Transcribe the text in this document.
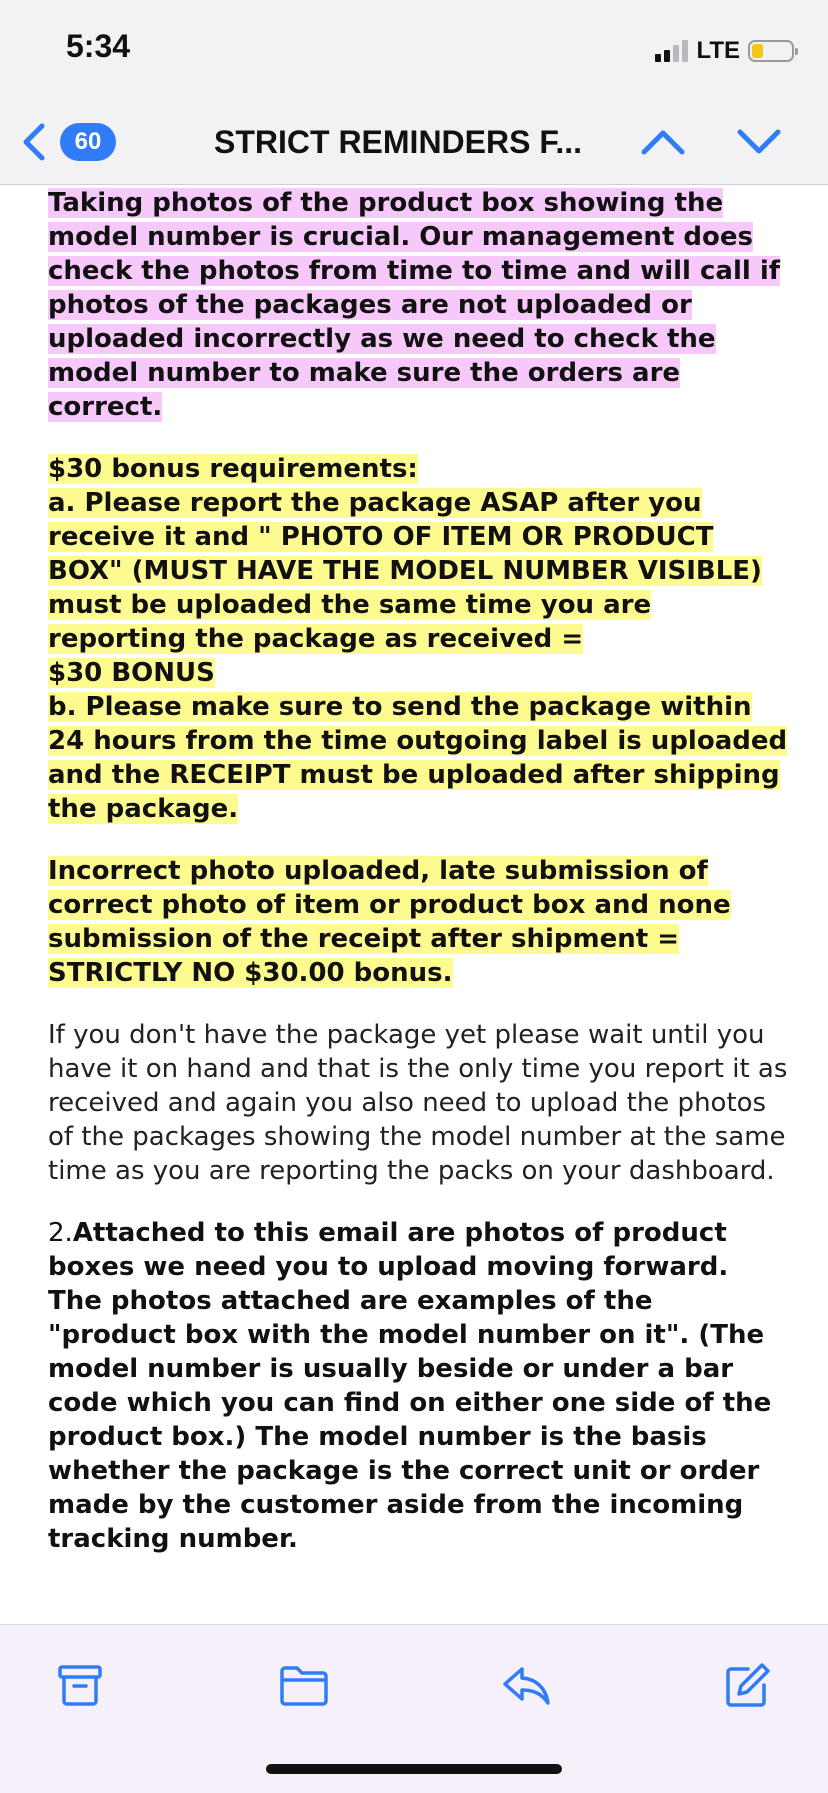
5:34	LTE
60	STRICT REMINDERS F...

Taking photos of the product box showing the model number is crucial. Our management does check the photos from time to time and will call if photos of the packages are not uploaded or uploaded incorrectly as we need to check the model number to make sure the orders are correct.

$30 bonus requirements:
a. Please report the package ASAP after you receive it and " PHOTO OF ITEM OR PRODUCT BOX" (MUST HAVE THE MODEL NUMBER VISIBLE) must be uploaded the same time you are reporting the package as received =
$30 BONUS
b. Please make sure to send the package within 24 hours from the time outgoing label is uploaded and the RECEIPT must be uploaded after shipping the package.

Incorrect photo uploaded, late submission of correct photo of item or product box and none submission of the receipt after shipment = STRICTLY NO $30.00 bonus.

If you don't have the package yet please wait until you have it on hand and that is the only time you report it as received and again you also need to upload the photos of the packages showing the model number at the same time as you are reporting the packs on your dashboard.

2.Attached to this email are photos of product boxes we need you to upload moving forward. The photos attached are examples of the "product box with the model number on it". (The model number is usually beside or under a bar code which you can find on either one side of the product box.) The model number is the basis whether the package is the correct unit or order made by the customer aside from the incoming tracking number.
